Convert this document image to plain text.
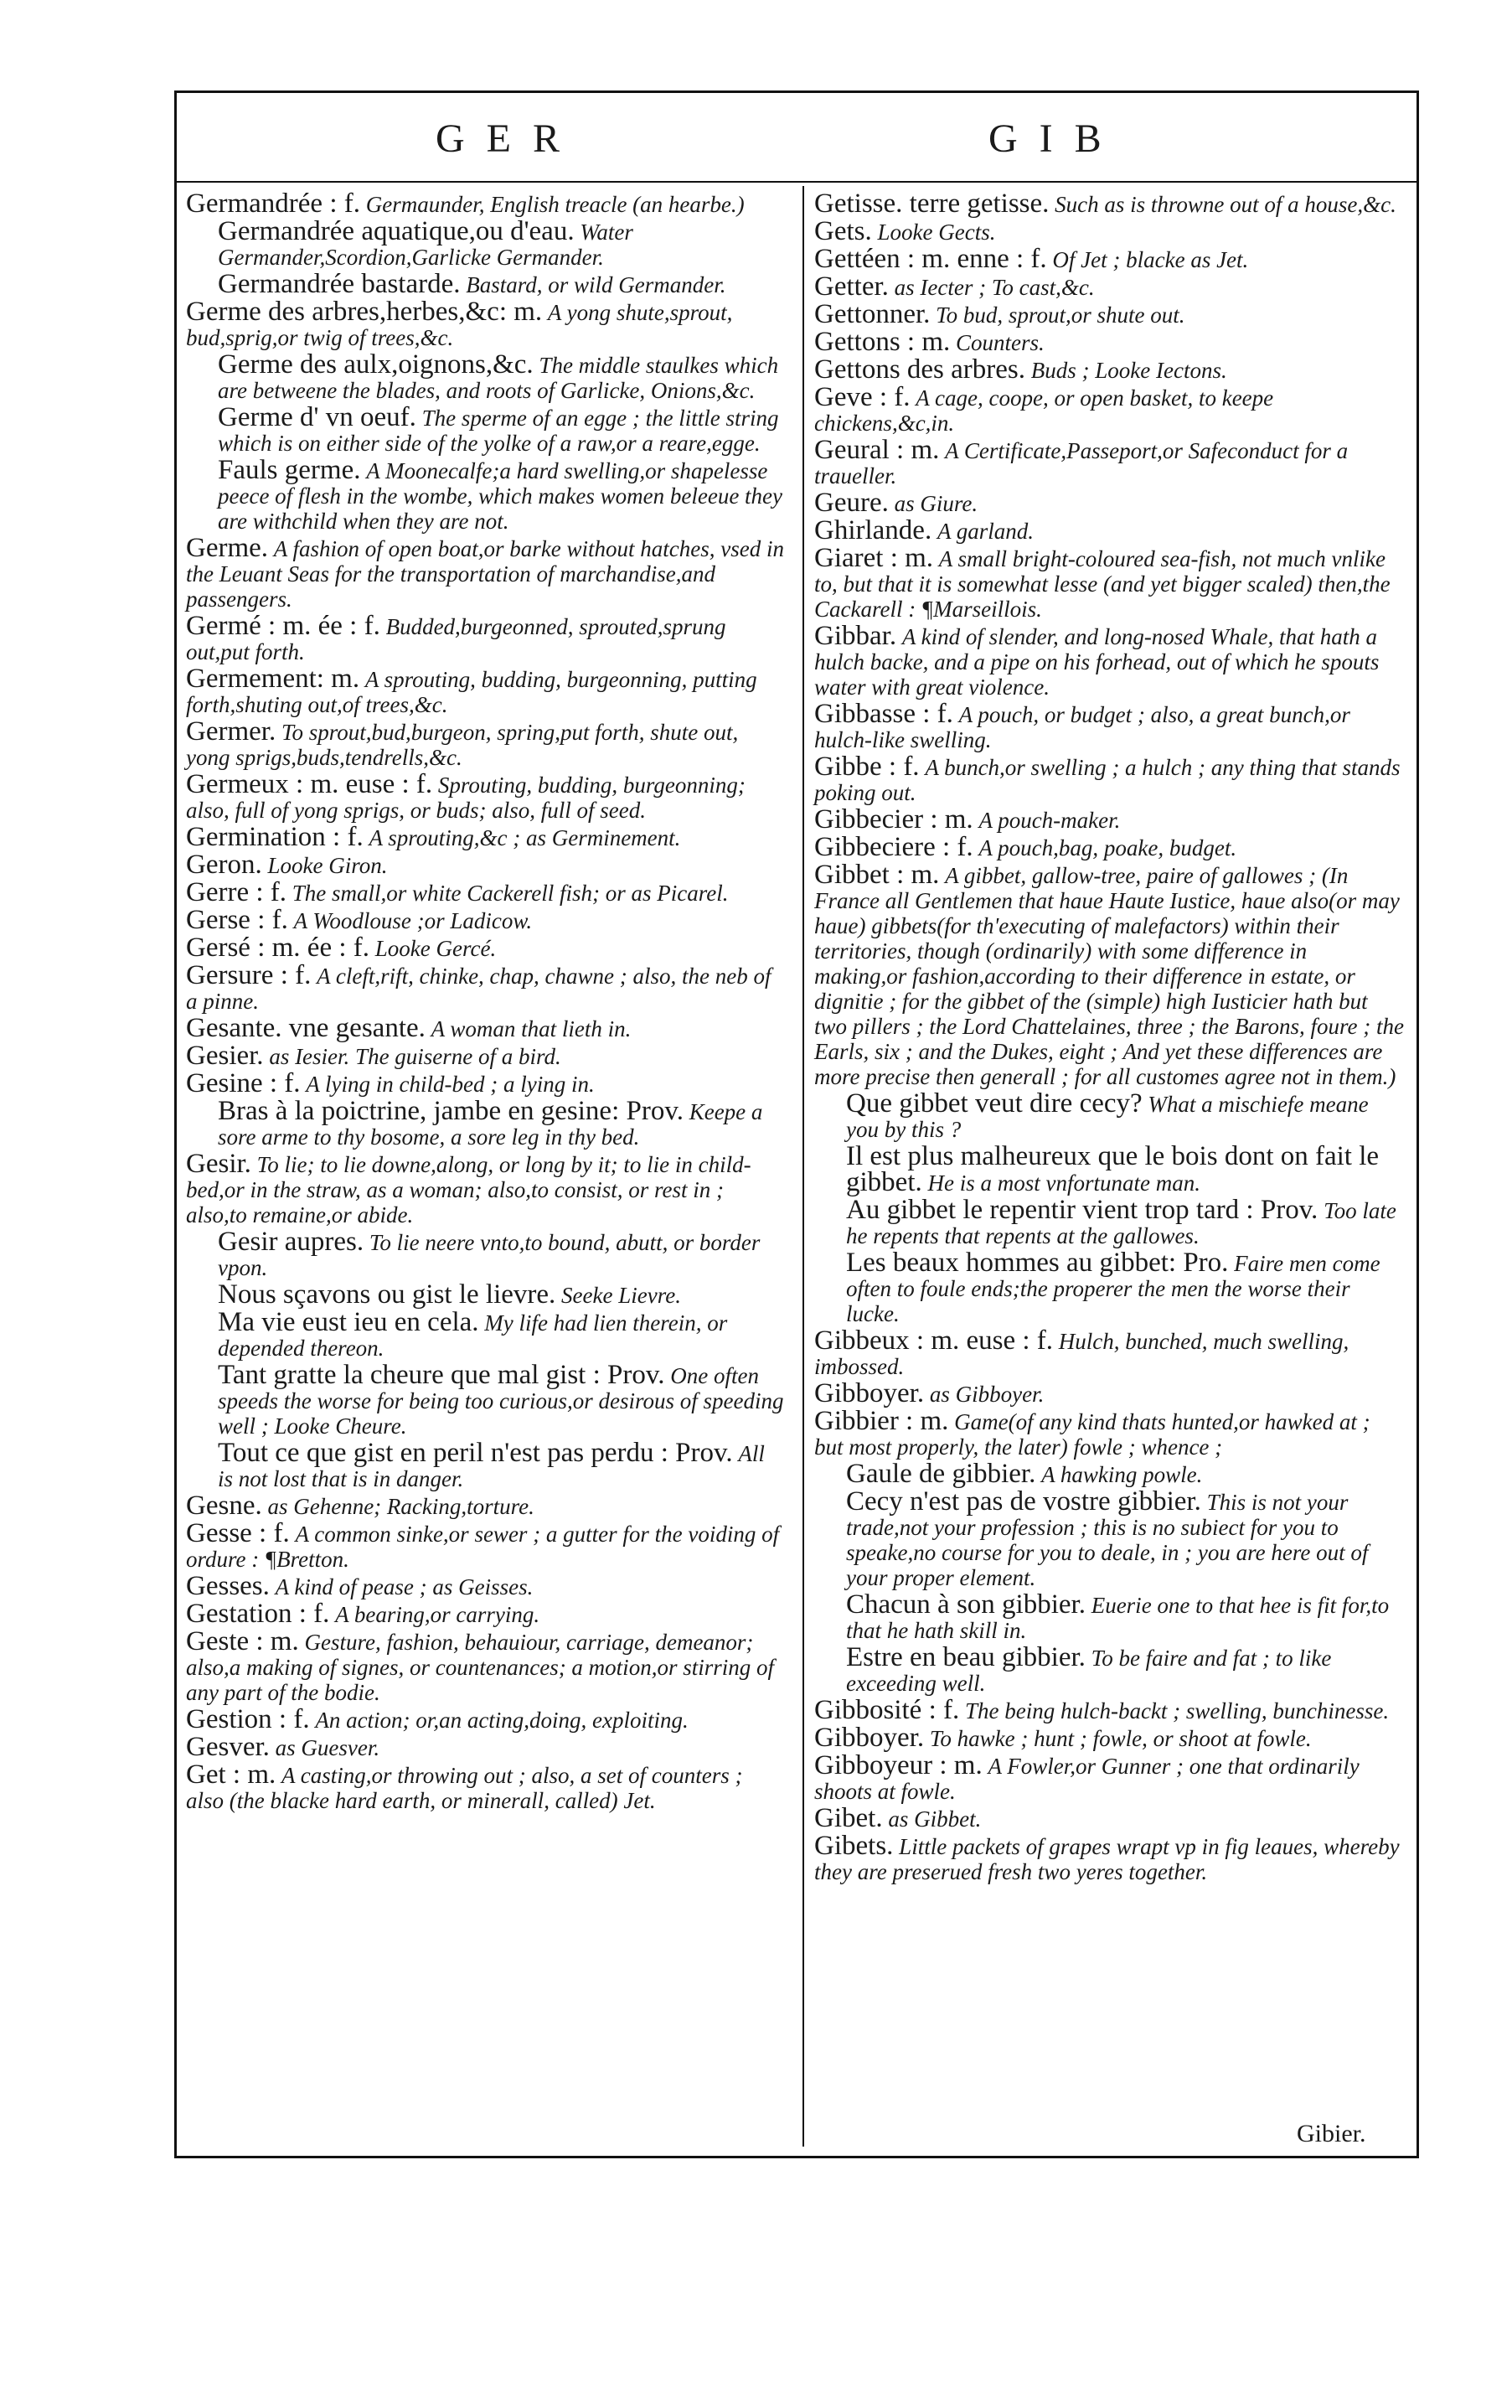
GER	GIB
Germandrée : f. Germaunder, English treacle (an hearbe.)
Germandrée aquatique,ou d'eau. Water Germander,Scordion,Garlicke Germander.
Germandrée bastarde. Bastard, or wild Germander.
Germe des arbres,herbes,&c: m. A yong shute,sprout, bud,sprig,or twig of trees,&c.
Germe des aulx,oignons,&c. The middle staulkes which are betweene the blades, and roots of Garlicke, Onions,&c.
Germe d' vn oeuf. The sperme of an egge ; the little string which is on either side of the yolke of a raw,or a reare,egge.
Fauls germe. A Moonecalfe;a hard swelling,or shapelesse peece of flesh in the wombe, which makes women beleeue they are withchild when they are not.
Germe. A fashion of open boat,or barke without hatches, vsed in the Leuant Seas for the transportation of marchandise,and passengers.
Germé : m. ée : f. Budded,burgeonned, sprouted,sprung out,put forth.
Germement: m. A sprouting, budding, burgeonning, putting forth,shuting out,of trees,&c.
Germer. To sprout,bud,burgeon, spring,put forth, shute out, yong sprigs,buds,tendrells,&c.
Germeux : m. euse : f. Sprouting, budding, burgeonning; also, full of yong sprigs, or buds; also, full of seed.
Germination : f. A sprouting,&c ; as Germinement.
Geron. Looke Giron.
Gerre : f. The small,or white Cackerell fish; or as Picarel.
Gerse : f. A Woodlouse ;or Ladicow.
Gersé : m. ée : f. Looke Gercé.
Gersure : f. A cleft,rift, chinke, chap, chawne ; also, the neb of a pinne.
Gesante. vne gesante. A woman that lieth in.
Gesier. as Iesier. The guiserne of a bird.
Gesine : f. A lying in child-bed ; a lying in.
Bras à la poictrine, jambe en gesine: Prov. Keepe a sore arme to thy bosome, a sore leg in thy bed.
Gesir. To lie; to lie downe,along, or long by it; to lie in child-bed,or in the straw, as a woman; also,to consist, or rest in ; also,to remaine,or abide.
Gesir aupres. To lie neere vnto,to bound, abutt, or border vpon.
Nous sçavons ou gist le lievre. Seeke Lievre.
Ma vie eust ieu en cela. My life had lien therein, or depended thereon.
Tant gratte la cheure que mal gist : Prov. One often speeds the worse for being too curious,or desirous of speeding well ; Looke Cheure.
Tout ce que gist en peril n'est pas perdu : Prov. All is not lost that is in danger.
Gesne. as Gehenne; Racking,torture.
Gesse : f. A common sinke,or sewer ; a gutter for the voiding of ordure : ¶Bretton.
Gesses. A kind of pease ; as Geisses.
Gestation : f. A bearing,or carrying.
Geste : m. Gesture, fashion, behauiour, carriage, demeanor; also,a making of signes, or countenances; a motion,or stirring of any part of the bodie.
Gestion : f. An action; or,an acting,doing, exploiting.
Gesver. as Guesver.
Get : m. A casting,or throwing out ; also, a set of counters ; also (the blacke hard earth, or minerall, called) Jet.
Getisse. terre getisse. Such as is throwne out of a house,&c.
Gets. Looke Gects.
Gettéen : m. enne : f. Of Jet ; blacke as Jet.
Getter. as Iecter ; To cast,&c.
Gettonner. To bud, sprout,or shute out.
Gettons : m. Counters.
Gettons des arbres. Buds ; Looke Iectons.
Geve : f. A cage, coope, or open basket, to keepe chickens,&c,in.
Geural : m. A Certificate,Passeport,or Safeconduct for a traueller.
Geure. as Giure.
Ghirlande. A garland.
Giaret : m. A small bright-coloured sea-fish, not much vnlike to, but that it is somewhat lesse (and yet bigger scaled) then,the Cackarell : ¶Marseillois.
Gibbar. A kind of slender, and long-nosed Whale, that hath a hulch backe, and a pipe on his forhead, out of which he spouts water with great violence.
Gibbasse : f. A pouch, or budget ; also, a great bunch,or hulch-like swelling.
Gibbe : f. A bunch,or swelling ; a hulch ; any thing that stands poking out.
Gibbecier : m. A pouch-maker.
Gibbeciere : f. A pouch,bag, poake, budget.
Gibbet : m. A gibbet, gallow-tree, paire of gallowes ; (In France all Gentlemen that haue Haute Iustice, haue also(or may haue) gibbets(for th'executing of malefactors) within their territories, though (ordinarily) with some difference in making,or fashion,according to their difference in estate, or dignitie ; for the gibbet of the (simple) high Iusticier hath but two pillers ; the Lord Chattelaines, three ; the Barons, foure ; the Earls, six ; and the Dukes, eight ; And yet these differences are more precise then generall ; for all customes agree not in them.)
Que gibbet veut dire cecy? What a mischiefe meane you by this ?
Il est plus malheureux que le bois dont on fait le gibbet. He is a most vnfortunate man.
Au gibbet le repentir vient trop tard : Prov. Too late he repents that repents at the gallowes.
Les beaux hommes au gibbet: Pro. Faire men come often to foule ends;the properer the men the worse their lucke.
Gibbeux : m. euse : f. Hulch, bunched, much swelling, imbossed.
Gibboyer. as Gibboyer.
Gibbier : m. Game(of any kind thats hunted,or hawked at ; but most properly, the later) fowle ; whence ;
Gaule de gibbier. A hawking powle.
Cecy n'est pas de vostre gibbier. This is not your trade,not your profession ; this is no subiect for you to speake,no course for you to deale, in ; you are here out of your proper element.
Chacun à son gibbier. Euerie one to that hee is fit for,to that he hath skill in.
Estre en beau gibbier. To be faire and fat ; to like exceeding well.
Gibbosité : f. The being hulch-backt ; swelling, bunchinesse.
Gibboyer. To hawke ; hunt ; fowle, or shoot at fowle.
Gibboyeur : m. A Fowler,or Gunner ; one that ordinarily shoots at fowle.
Gibet. as Gibbet.
Gibets. Little packets of grapes wrapt vp in fig leaues, whereby they are preserued fresh two yeres together.
Gibier.
